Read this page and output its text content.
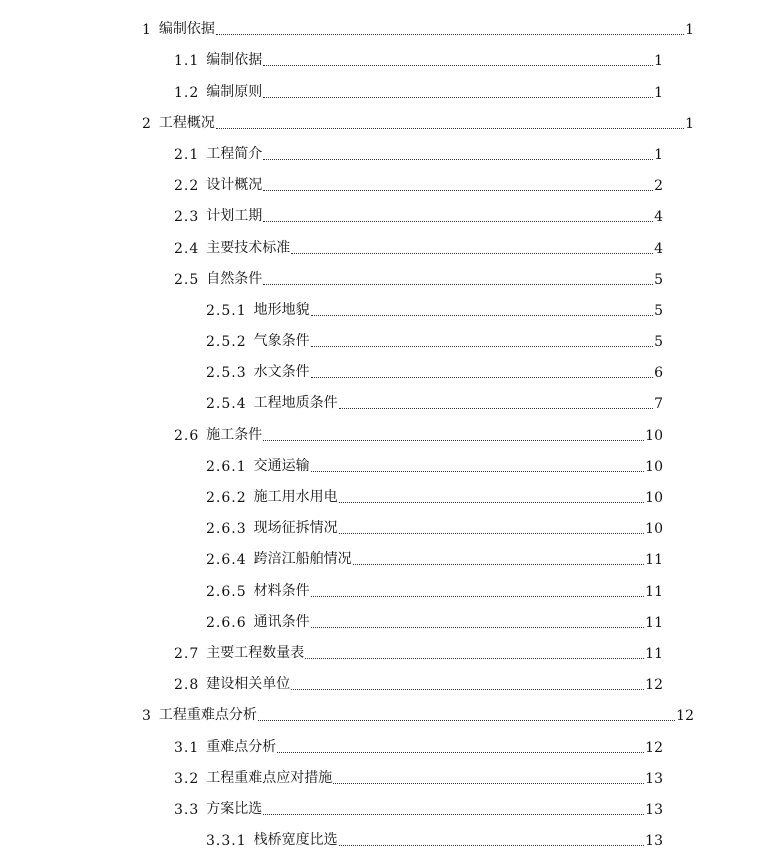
1 编制依据	1
1.1 编制依据	1
1.2 编制原则	1
2 工程概况	1
2.1 工程简介	1
2.2 设计概况	2
2.3 计划工期	4
2.4 主要技术标准	4
2.5 自然条件	5
2.5.1 地形地貌	5
2.5.2 气象条件	5
2.5.3 水文条件	6
2.5.4 工程地质条件	7
2.6 施工条件	10
2.6.1 交通运输	10
2.6.2 施工用水用电	10
2.6.3 现场征拆情况	10
2.6.4 跨涪江船舶情况	11
2.6.5 材料条件	11
2.6.6 通讯条件	11
2.7 主要工程数量表	11
2.8 建设相关单位	12
3 工程重难点分析	12
3.1 重难点分析	12
3.2 工程重难点应对措施	13
3.3 方案比选	13
3.3.1 栈桥宽度比选	13
